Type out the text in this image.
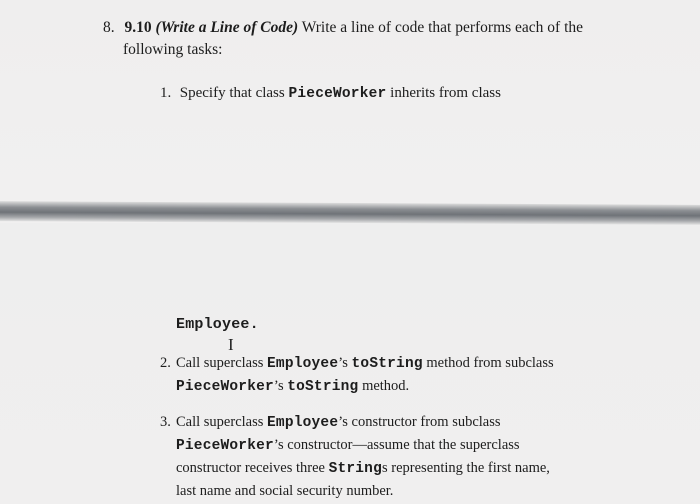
8. 9.10 (Write a Line of Code) Write a line of code that performs each of the
following tasks:
1. Specify that class PieceWorker inherits from class
Employee.
I
2. Call superclass Employee’s toString method from subclass
PieceWorker’s toString method.
3. Call superclass Employee’s constructor from subclass
PieceWorker’s constructor—assume that the superclass
constructor receives three Strings representing the first name,
last name and social security number.
